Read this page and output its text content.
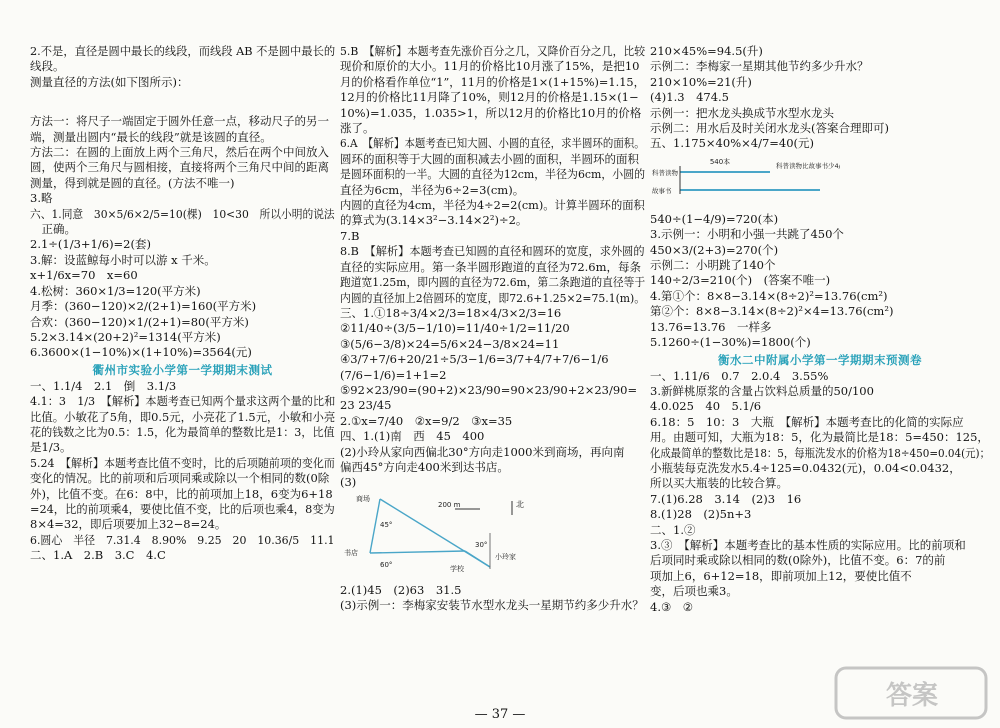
2.不是，直径是圆中最长的线段，而线段 AB 不是圆中最长的
线段。
测量直径的方法(如下图所示)：
方法一：将尺子一端固定于圆外任意一点，移动尺子的另一
端，测量出圆内“最长的线段”就是该圆的直径。
方法二：在圆的上面放上两个三角尺，然后在两个中间放入
圆，使两个三角尺与圆相接，直接将两个三角尺中间的距离
测量，得到就是圆的直径。(方法不唯一)
3.略
六、1.同意　30×5/6×2/5=10(棵)　10<30　所以小明的说法
　正确。
2.1÷(1/3+1/6)=2(套)
3.解：设蓝鲸每小时可以游 x 千米。
x+1/6x=70　x=60
4.松树：360×1/3=120(平方米)
月季：(360−120)×2/(2+1)=160(平方米)
合欢：(360−120)×1/(2+1)=80(平方米)
5.2×3.14×(20+2)²=1314(平方米)
6.3600×(1−10%)×(1+10%)=3564(元)
衢州市实验小学第一学期期末测试
一、1.1/4　2.1　倒　3.1/3
4.1：3　1/3　【解析】本题考查已知两个量求这两个量的比和
比值。小敏花了5角，即0.5元，小亮花了1.5元，小敏和小亮
花的钱数之比为0.5：1.5，化为最简单的整数比是1：3，比值
是1/3。
5.24　【解析】本题考查比值不变时，比的后项随前项的变化而
变化的情况。比的前项和后项同乘或除以一个相同的数(0除
外)，比值不变。在6：8中，比的前项加上18，6变为6+18
=24，比的前项乘4，要使比值不变，比的后项也乘4，8变为
8×4=32，即后项要加上32−8=24。
6.圆心　半径　7.31.4　8.90%　9.25　20　10.36/5　11.1
二、1.A　2.B　3.C　4.C
5.B　【解析】本题考查先涨价百分之几，又降价百分之几，比较
现价和原价的大小。11月的价格比10月涨了15%，是把10
月的价格看作单位“1”，11月的价格是1×(1+15%)=1.15，
12月的价格比11月降了10%，则12月的价格是1.15×(1−
10%)=1.035，1.035>1，所以12月的价格比10月的价格
涨了。
6.A　【解析】本题考查已知大圆、小圆的直径，求半圆环的面积。
圆环的面积等于大圆的面积减去小圆的面积，半圆环的面积
是圆环面积的一半。大圆的直径为12cm，半径为6cm，小圆的
直径为6cm，半径为6÷2=3(cm)。
内圆的直径为4cm，半径为4÷2=2(cm)。计算半圆环的面积
的算式为(3.14×3²−3.14×2²)÷2。
7.B
8.B　【解析】本题考查已知圆的直径和圆环的宽度，求外圆的
直径的实际应用。第一条半圆形跑道的直径为72.6m，每条
跑道宽1.25m，即内圆的直径为72.6m，第二条跑道的直径等于
内圆的直径加上2倍圆环的宽度，即72.6+1.25×2=75.1(m)。
三、1.①18÷3/4×2/3=18×4/3×2/3=16
②11/40÷(3/5−1/10)=11/40÷1/2=11/20
③(5/6−3/8)×24=5/6×24−3/8×24=11
④3/7+7/6+20/21÷5/3−1/6=3/7+4/7+7/6−1/6
(7/6−1/6)=1+1=2
⑤92×23/90=(90+2)×23/90=90×23/90+2×23/90=
23 23/45
2.①x=7/40　②x=9/2　③x=35
四、1.(1)南　西　45　400
(2)小玲从家向西偏北30°方向走1000米到商场，再向南
偏西45°方向走400米到达书店。
(3)
北
200 m
商场
书店	小玲家
学校
45°
30°
60°
2.(1)45　(2)63　31.5
(3)示例一：李梅家安装节水型水龙头一星期节约多少升水？
210×45%=94.5(升)
示例二：李梅家一星期其他节约多少升水？
210×10%=21(升)
(4)1.3　474.5
示例一：把水龙头换成节水型水龙头
示例二：用水后及时关闭水龙头(答案合理即可)
五、1.175×40%×4/7=40(元)
540本
科普读物
科普读物比故事书少4/9
故事书
540÷(1−4/9)=720(本)
3.示例一：小明和小强一共跳了450个
450×3/(2+3)=270(个)
示例二：小明跳了140个
140÷2/3=210(个)　(答案不唯一)
4.第①个：8×8−3.14×(8÷2)²=13.76(cm²)
第②个：8×8−3.14×(8÷2)²×4=13.76(cm²)
13.76=13.76　一样多
5.1260÷(1−30%)=1800(个)
衡水二中附属小学第一学期期末预测卷
一、1.11/6　0.7　2.0.4　3.55%
3.新鲜桃原浆的含量占饮料总质量的50/100
4.0.025　40　5.1/6
6.18：5　10：3　大瓶　【解析】本题考查比的化简的实际应
用。由题可知，大瓶为18：5，化为最简比是18：5=450：125，
化成最简单的整数比是18：5，每瓶洗发水的价格为18÷450=0.04(元)；
小瓶装每克洗发水5.4÷125=0.0432(元)，0.04<0.0432，
所以买大瓶装的比较合算。
7.(1)6.28　3.14　(2)3　16
8.(1)28　(2)5n+3
二、1.②
3.③　【解析】本题考查比的基本性质的实际应用。比的前项和
后项同时乘或除以相同的数(0除外)，比值不变。6：7的前
项加上6，6+12=18，即前项加上12，要使比值不
变，后项也乘3。
4.③　②
— 37 —
答案
